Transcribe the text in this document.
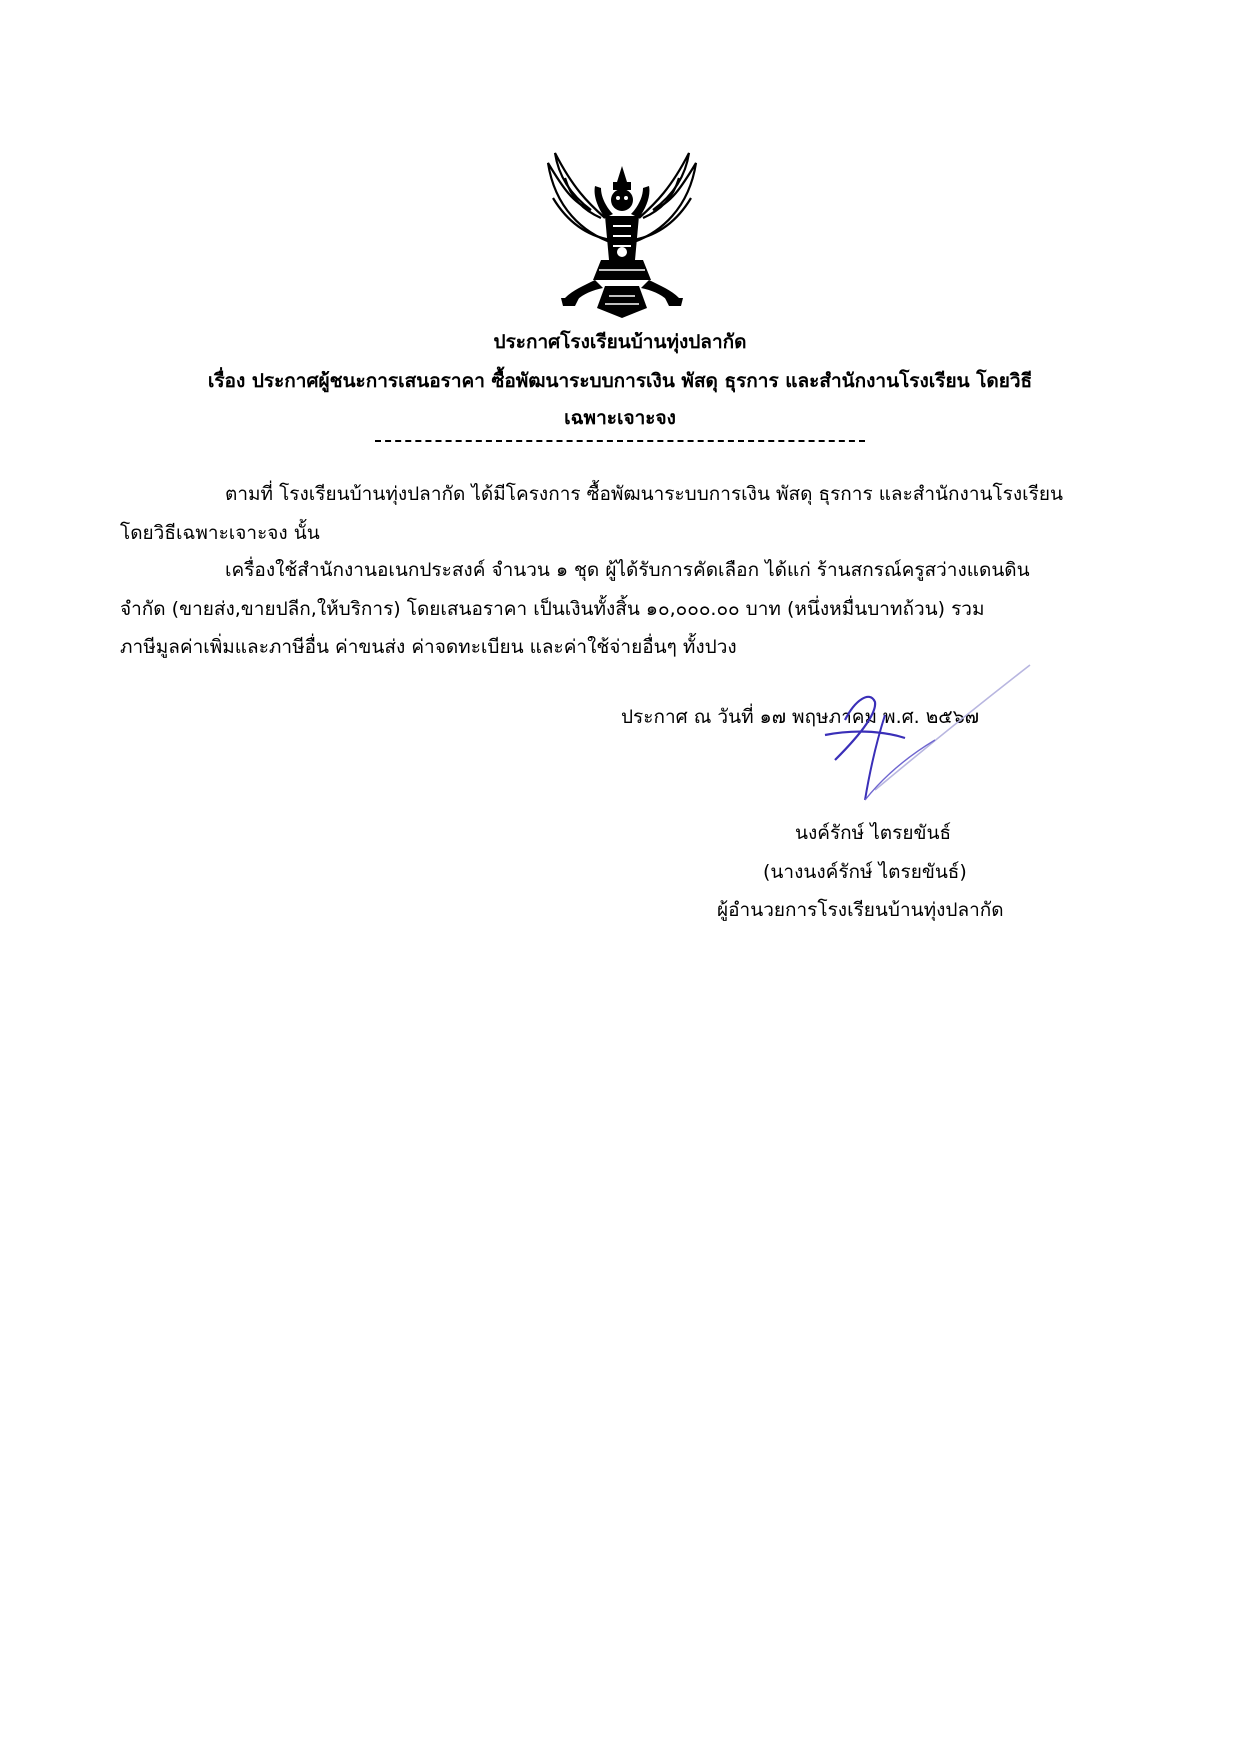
ประกาศโรงเรียนบ้านทุ่งปลากัด
เรื่อง ประกาศผู้ชนะการเสนอราคา ซื้อพัฒนาระบบการเงิน พัสดุ ธุรการ และสำนักงานโรงเรียน โดยวิธี
เฉพาะเจาะจง
ตามที่ โรงเรียนบ้านทุ่งปลากัด ได้มีโครงการ ซื้อพัฒนาระบบการเงิน พัสดุ ธุรการ และสำนักงานโรงเรียน
โดยวิธีเฉพาะเจาะจง นั้น
เครื่องใช้สำนักงานอเนกประสงค์ จำนวน ๑ ชุด ผู้ได้รับการคัดเลือก ได้แก่ ร้านสกรณ์ครูสว่างแดนดิน
จำกัด (ขายส่ง,ขายปลีก,ให้บริการ) โดยเสนอราคา เป็นเงินทั้งสิ้น ๑๐,๐๐๐.๐๐ บาท (หนึ่งหมื่นบาทถ้วน) รวม
ภาษีมูลค่าเพิ่มและภาษีอื่น ค่าขนส่ง ค่าจดทะเบียน และค่าใช้จ่ายอื่นๆ ทั้งปวง
ประกาศ ณ วันที่ ๑๗ พฤษภาคม พ.ศ. ๒๕๖๗
นงค์รักษ์ ไตรยขันธ์
(นางนงค์รักษ์ ไตรยขันธ์)
ผู้อำนวยการโรงเรียนบ้านทุ่งปลากัด
